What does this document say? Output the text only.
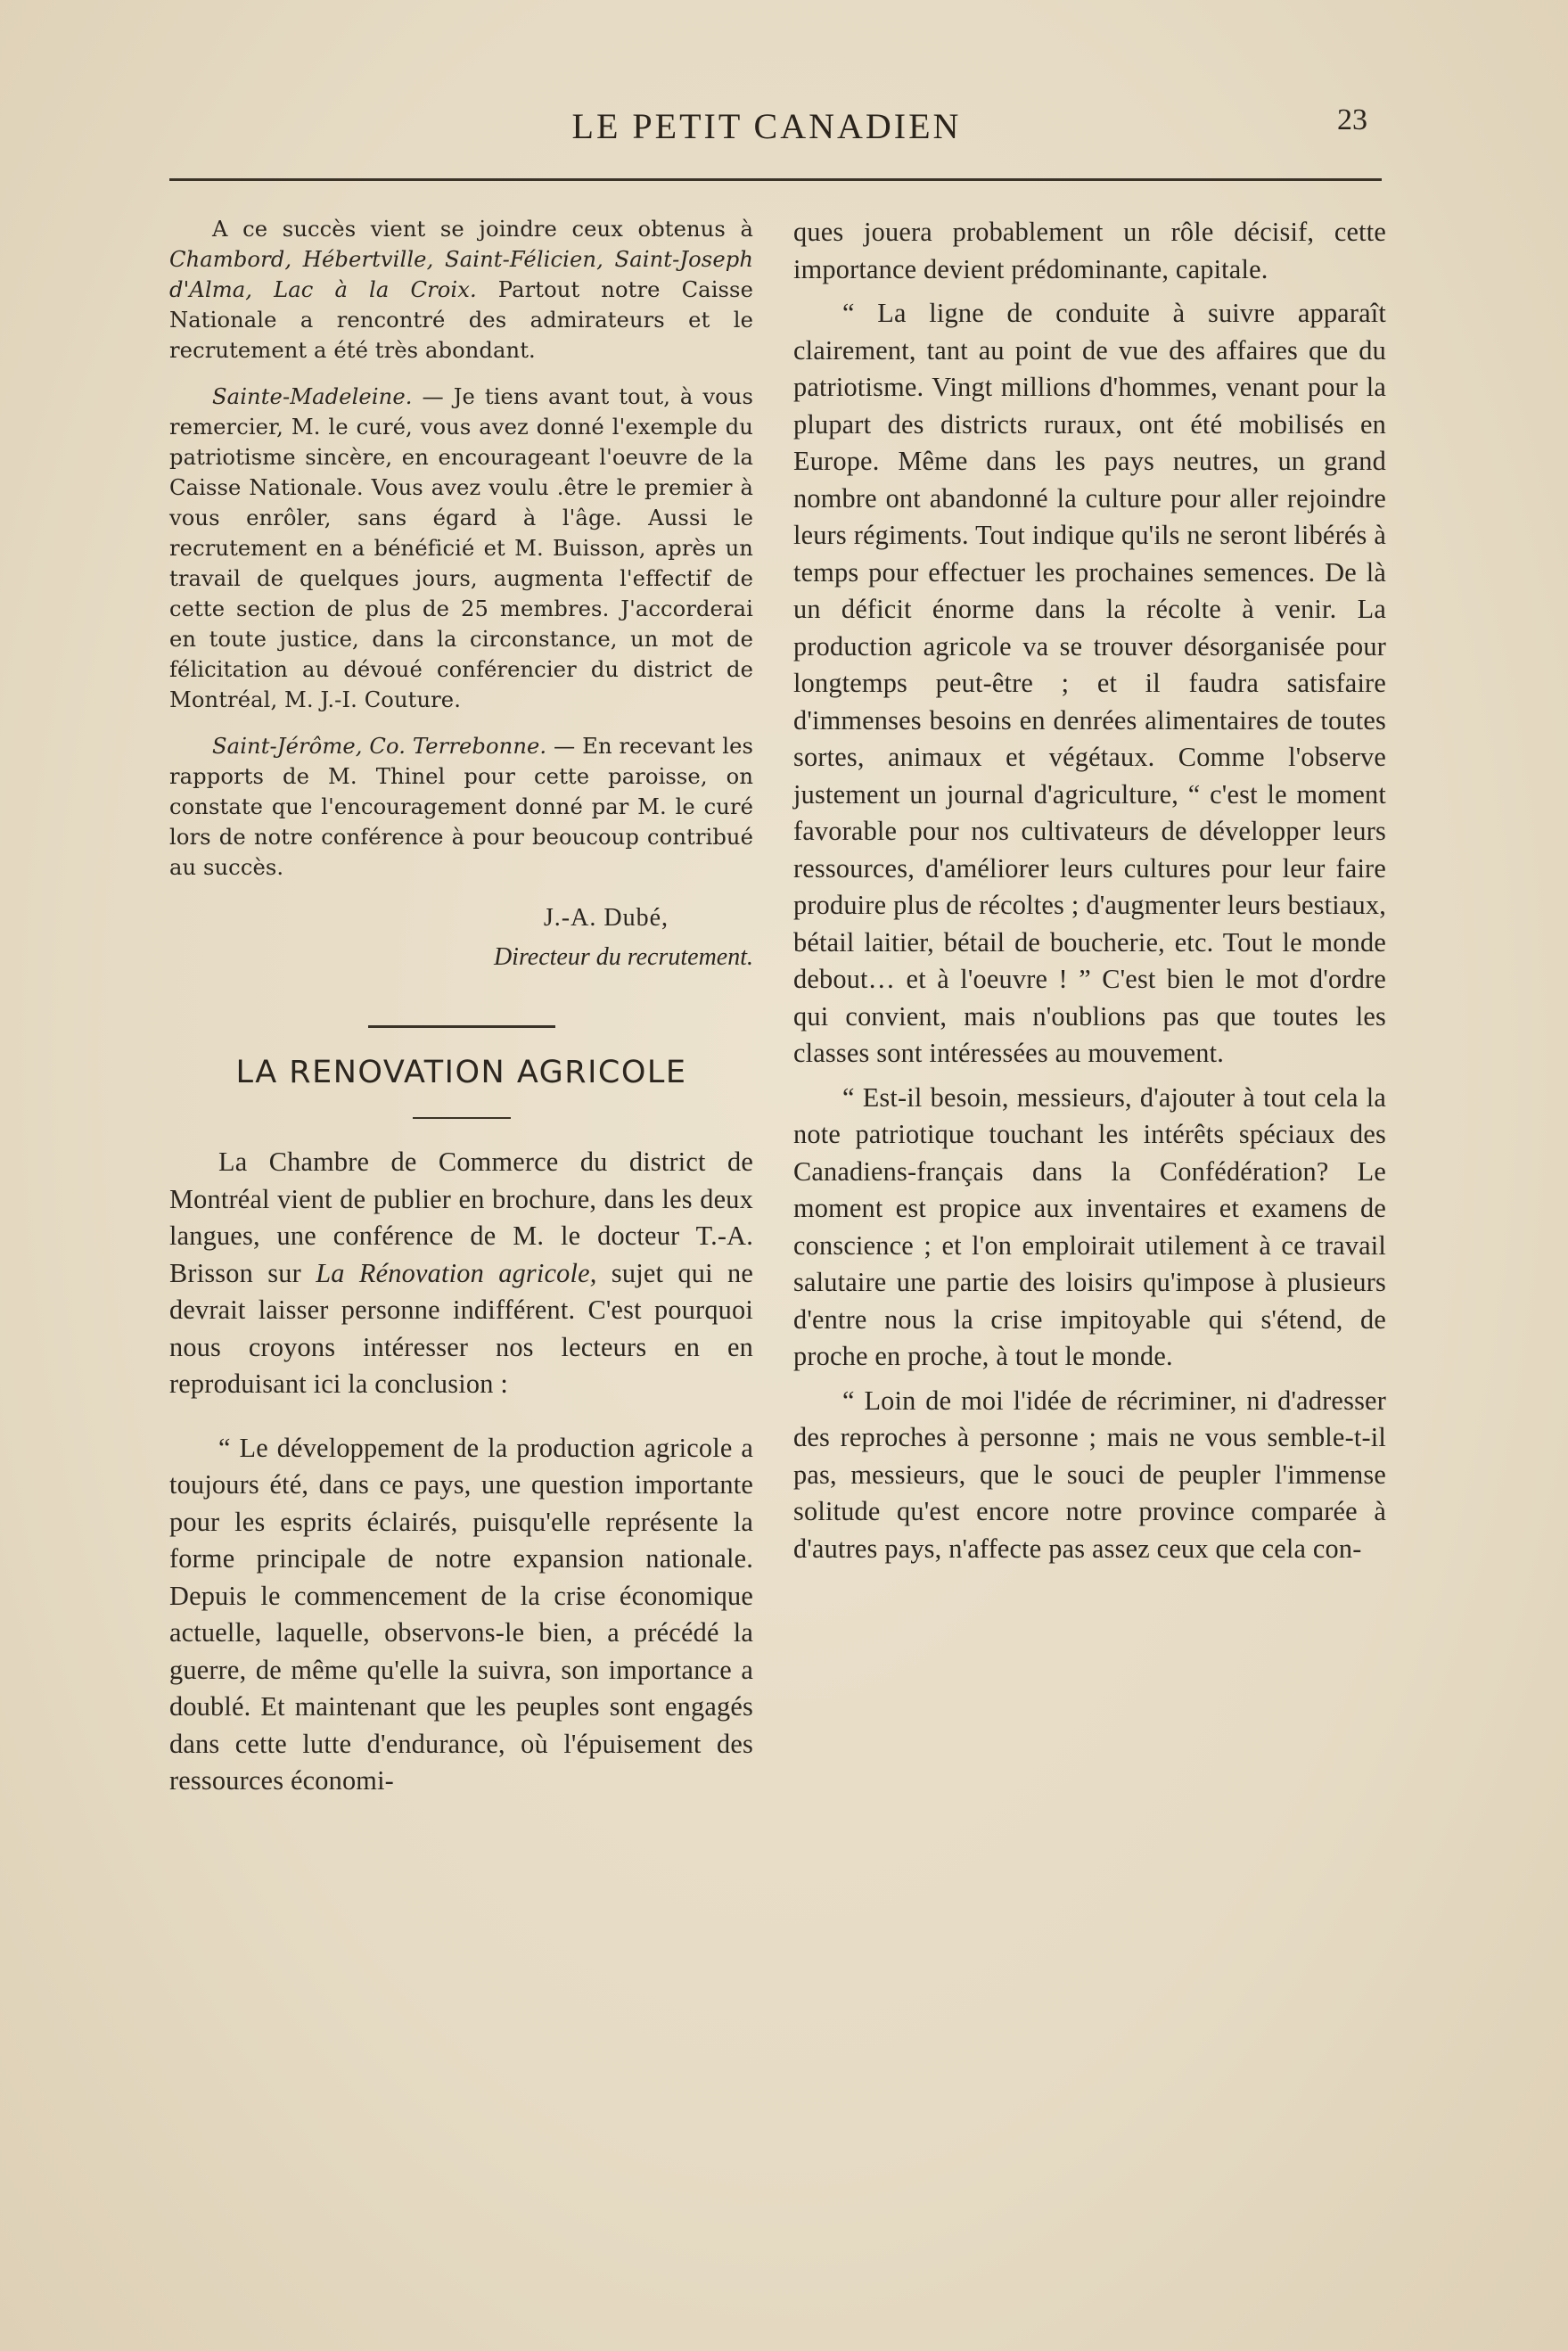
LE PETIT CANADIEN	23

A ce succès vient se joindre ceux obtenus à Chambord, Hébertville, Saint-Félicien, Saint-Joseph d'Alma, Lac à la Croix. Partout notre Caisse Nationale a rencontré des admirateurs et le recrutement a été très abondant.

Sainte-Madeleine. — Je tiens avant tout, à vous remercier, M. le curé, vous avez donné l'exemple du patriotisme sincère, en encourageant l'oeuvre de la Caisse Nationale. Vous avez voulu .être le premier à vous enrôler, sans égard à l'âge. Aussi le recrutement en a bénéficié et M. Buisson, après un travail de quelques jours, augmenta l'effectif de cette section de plus de 25 membres. J'accorderai en toute justice, dans la circonstance, un mot de félicitation au dévoué conférencier du district de Montréal, M. J.-I. Couture.

Saint-Jérôme, Co. Terrebonne. — En recevant les rapports de M. Thinel pour cette paroisse, on constate que l'encouragement donné par M. le curé lors de notre conférence à pour beoucoup contribué au succès.

J.-A. Dubé,
Directeur du recrutement.
LA RENOVATION AGRICOLE

La Chambre de Commerce du district de Montréal vient de publier en brochure, dans les deux langues, une conférence de M. le docteur T.-A. Brisson sur La Rénovation agricole, sujet qui ne devrait laisser personne indifférent. C'est pourquoi nous croyons intéresser nos lecteurs en en reproduisant ici la conclusion :

“ Le développement de la production agricole a toujours été, dans ce pays, une question importante pour les esprits éclairés, puisqu'elle représente la forme principale de notre expansion nationale. Depuis le commencement de la crise économique actuelle, laquelle, observons-le bien, a précédé la guerre, de même qu'elle la suivra, son importance a doublé. Et maintenant que les peuples sont engagés dans cette lutte d'endurance, où l'épuisement des ressources économi-

ques jouera probablement un rôle décisif, cette importance devient prédominante, capitale.

“ La ligne de conduite à suivre apparaît clairement, tant au point de vue des affaires que du patriotisme. Vingt millions d'hommes, venant pour la plupart des districts ruraux, ont été mobilisés en Europe. Même dans les pays neutres, un grand nombre ont abandonné la culture pour aller rejoindre leurs régiments. Tout indique qu'ils ne seront libérés à temps pour effectuer les prochaines semences. De là un déficit énorme dans la récolte à venir. La production agricole va se trouver désorganisée pour longtemps peut-être ; et il faudra satisfaire d'immenses besoins en denrées alimentaires de toutes sortes, animaux et végétaux. Comme l'observe justement un journal d'agriculture, “ c'est le moment favorable pour nos cultivateurs de développer leurs ressources, d'améliorer leurs cultures pour leur faire produire plus de récoltes ; d'augmenter leurs bestiaux, bétail laitier, bétail de boucherie, etc. Tout le monde debout… et à l'oeuvre ! ” C'est bien le mot d'ordre qui convient, mais n'oublions pas que toutes les classes sont intéressées au mouvement.

“ Est-il besoin, messieurs, d'ajouter à tout cela la note patriotique touchant les intérêts spéciaux des Canadiens-français dans la Confédération? Le moment est propice aux inventaires et examens de conscience ; et l'on emploirait utilement à ce travail salutaire une partie des loisirs qu'impose à plusieurs d'entre nous la crise impitoyable qui s'étend, de proche en proche, à tout le monde.

“ Loin de moi l'idée de récriminer, ni d'adresser des reproches à personne ; mais ne vous semble-t-il pas, messieurs, que le souci de peupler l'immense solitude qu'est encore notre province comparée à d'autres pays, n'affecte pas assez ceux que cela con-
